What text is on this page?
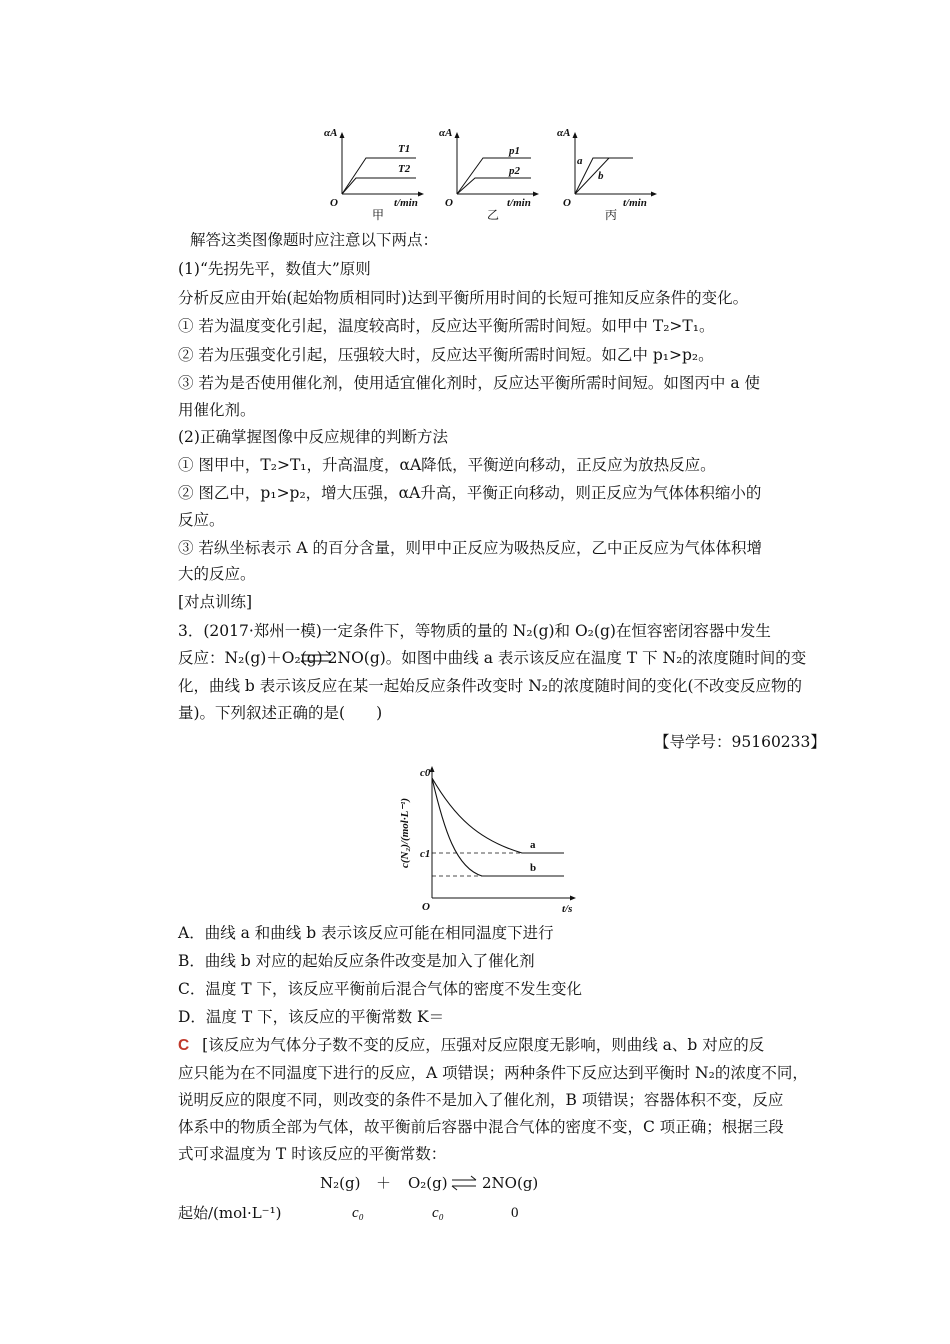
αA
T1
T2
O	t/min
甲
αA
p1
p2
O	t/min
乙
αA
a
b
O	t/min
丙
解答这类图像题时应注意以下两点：
(1)“先拐先平，数值大”原则
分析反应由开始(起始物质相同时)达到平衡所用时间的长短可推知反应条件的变化。
① 若为温度变化引起，温度较高时，反应达平衡所需时间短。如甲中 T₂>T₁。
② 若为压强变化引起，压强较大时，反应达平衡所需时间短。如乙中 p₁>p₂。
③ 若为是否使用催化剂，使用适宜催化剂时，反应达平衡所需时间短。如图丙中 a 使
用催化剂。
(2)正确掌握图像中反应规律的判断方法
① 图甲中，T₂>T₁，升高温度，αA降低，平衡逆向移动，正反应为放热反应。
② 图乙中，p₁>p₂，增大压强，αA升高，平衡正向移动，则正反应为气体体积缩小的
反应。
③ 若纵坐标表示 A 的百分含量，则甲中正反应为吸热反应，乙中正反应为气体体积增
大的反应。
[对点训练]
3．(2017·郑州一模)一定条件下，等物质的量的 N₂(g)和 O₂(g)在恒容密闭容器中发生
反应：N₂(g)＋O₂(g) 2NO(g)。如图中曲线 a 表示该反应在温度 T 下 N₂的浓度随时间的变
化，曲线 b 表示该反应在某一起始反应条件改变时 N₂的浓度随时间的变化(不改变反应物的
量)。下列叙述正确的是(　　)
【导学号：95160233】
c0
c1
a
b
O	t/s
c(N₂)/(mol·L⁻¹)
A．曲线 a 和曲线 b 表示该反应可能在相同温度下进行
B．曲线 b 对应的起始反应条件改变是加入了催化剂
C．温度 T 下，该反应平衡前后混合气体的密度不发生变化
D．温度 T 下，该反应的平衡常数 K＝
C [该反应为气体分子数不变的反应，压强对反应限度无影响，则曲线 a、b 对应的反
应只能为在不同温度下进行的反应，A 项错误；两种条件下反应达到平衡时 N₂的浓度不同，
说明反应的限度不同，则改变的条件不是加入了催化剂，B 项错误；容器体积不变，反应
体系中的物质全部为气体，故平衡前后容器中混合气体的密度不变，C 项正确；根据三段
式可求温度为 T 时该反应的平衡常数：
N₂(g) ＋ O₂(g) ⇌ 2NO(g)
起始/(mol·L⁻¹)	c₀	c₀	0
